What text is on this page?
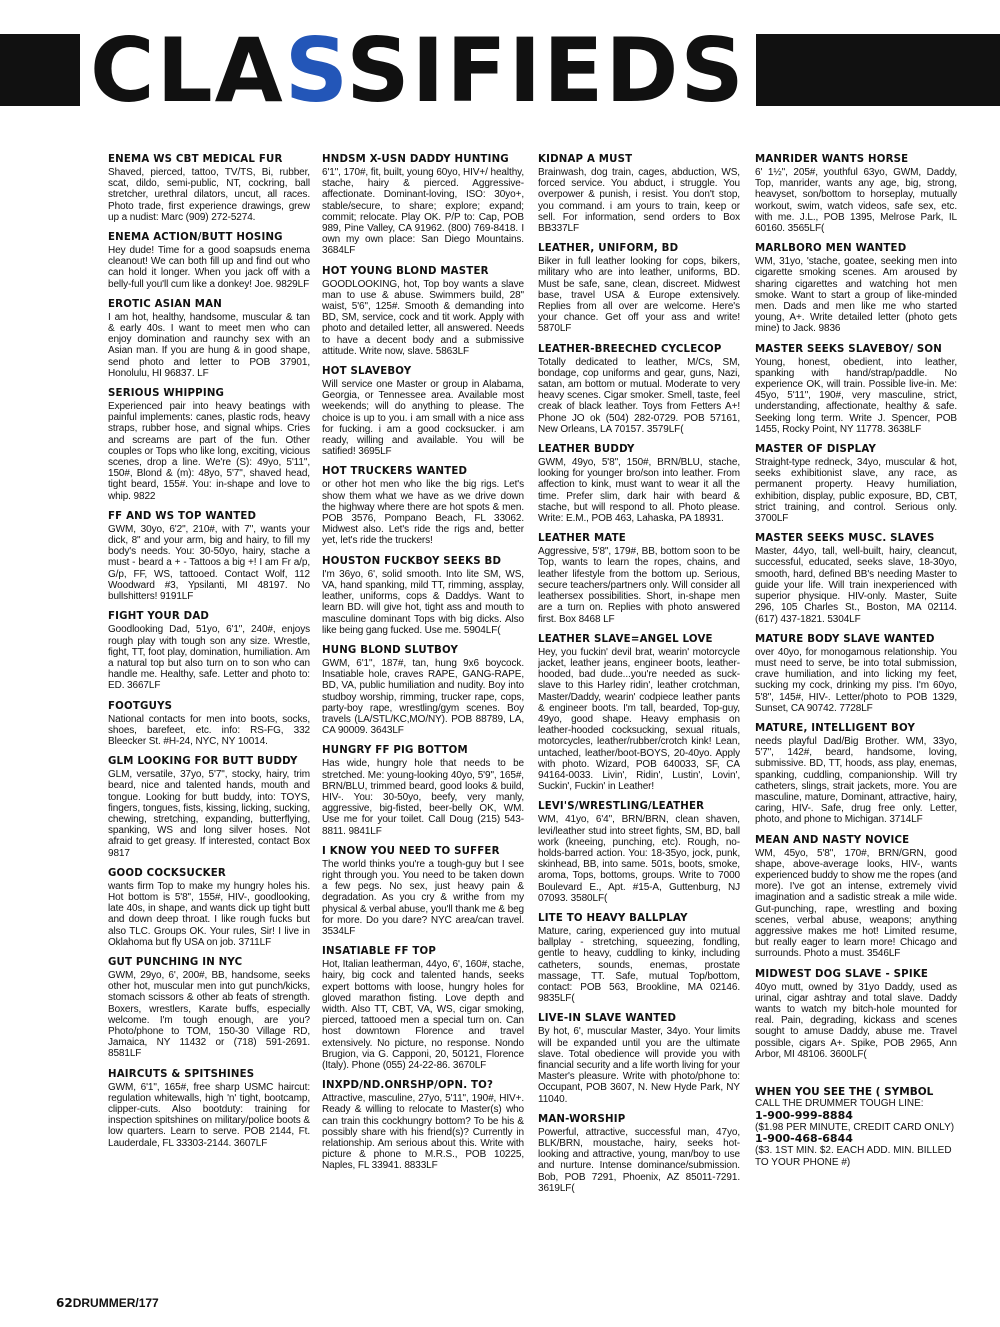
CLASSIFIEDS
ENEMA WS CBT MEDICAL FUR

Shaved, pierced, tattoo, TV/TS, Bi, rubber, scat, dildo, semi-public, NT, cockring, ball stretcher, urethral dilators, uncut, all races. Photo trade, first experience drawings, grew up a nudist: Marc (909) 272-5274.

ENEMA ACTION/BUTT HOSING

Hey dude! Time for a good soapsuds enema cleanout! We can both fill up and find out who can hold it longer. When you jack off with a belly-full you'll cum like a donkey! Joe. 9829LF

EROTIC ASIAN MAN

I am hot, healthy, handsome, muscular & tan & early 40s. I want to meet men who can enjoy domination and raunchy sex with an Asian man. If you are hung & in good shape, send photo and letter to POB 37901, Honolulu, HI 96837. LF

SERIOUS WHIPPING

Experienced pair into heavy beatings with painful implements: canes, plastic rods, heavy straps, rubber hose, and signal whips. Cries and screams are part of the fun. Other couples or Tops who like long, exciting, vicious scenes, drop a line. We're (S): 49yo, 5'11", 150#, Blond & (m): 48yo, 5'7", shaved head, tight beard, 155#. You: in-shape and love to whip. 9822

FF AND WS TOP WANTED

GWM, 30yo, 6'2", 210#, with 7", wants your dick, 8" and your arm, big and hairy, to fill my body's needs. You: 30-50yo, hairy, stache a must - beard a + - Tattoos a big +! I am Fr a/p, G/p, FF, WS, tattooed. Contact Wolf, 112 Woodward #3, Ypsilanti, MI 48197. No bullshitters! 9191LF

FIGHT YOUR DAD

Goodlooking Dad, 51yo, 6'1", 240#, enjoys rough play with tough son any size. Wrestle, fight, TT, foot play, domination, humiliation. Am a natural top but also turn on to son who can handle me. Healthy, safe. Letter and photo to: ED. 3667LF

FOOTGUYS

National contacts for men into boots, socks, shoes, barefeet, etc. info: RS-FG, 332 Bleecker St. #H-24, NYC, NY 10014.

GLM LOOKING FOR BUTT BUDDY

GLM, versatile, 37yo, 5'7", stocky, hairy, trim beard, nice and talented hands, mouth and tongue. Looking for butt buddy, into: TOYS, fingers, tongues, fists, kissing, licking, sucking, chewing, stretching, expanding, butterflying, spanking, WS and long silver hoses. Not afraid to get greasy. If interested, contact Box 9817

GOOD COCKSUCKER

wants firm Top to make my hungry holes his. Hot bottom is 5'8", 155#, HIV-, goodlooking, late 40s, in shape, and wants dick up tight butt and down deep throat. I like rough fucks but also TLC. Groups OK. Your rules, Sir! I live in Oklahoma but fly USA on job. 3711LF

GUT PUNCHING IN NYC

GWM, 29yo, 6', 200#, BB, handsome, seeks other hot, muscular men into gut punch/kicks, stomach scissors & other ab feats of strength. Boxers, wrestlers, Karate buffs, especially welcome. I'm tough enough, are you? Photo/phone to TOM, 150-30 Village RD, Jamaica, NY 11432 or (718) 591-2691. 8581LF

HAIRCUTS & SPITSHINES

GWM, 6'1", 165#, free sharp USMC haircut: regulation whitewalls, high 'n' tight, bootcamp, clipper-cuts. Also bootduty: training for inspection spitshines on military/police boots & low quarters. Learn to serve. POB 2144, Ft. Lauderdale, FL 33303-2144. 3607LF

HNDSM X-USN DADDY HUNTING

6'1", 170#, fit, built, young 60yo, HIV+/ healthy, stache, hairy & pierced. Aggressive-affectionate. Dominant-loving, ISO: 30yo+, stable/secure, to share; explore; expand; commit; relocate. Play OK. P/P to: Cap, POB 989, Pine Valley, CA 91962. (800) 769-8418. I own my own place: San Diego Mountains. 3684LF

HOT YOUNG BLOND MASTER

GOODLOOKING, hot, Top boy wants a slave man to use & abuse. Swimmers build, 28" waist, 5'6", 125#. Smooth & demanding into BD, SM, service, cock and tit work. Apply with photo and detailed letter, all answered. Needs to have a decent body and a submissive attitude. Write now, slave. 5863LF

HOT SLAVEBOY

Will service one Master or group in Alabama, Georgia, or Tennessee area. Available most weekends; will do anything to please. The choice is up to you. i am small with a nice ass for fucking. i am a good cocksucker. i am ready, willing and available. You will be satified! 3695LF

HOT TRUCKERS WANTED

or other hot men who like the big rigs. Let's show them what we have as we drive down the highway where there are hot spots & men. POB 3576, Pompano Beach, FL 33062. Midwest also. Let's ride the rigs and, better yet, let's ride the truckers!

HOUSTON FUCKBOY SEEKS BD

I'm 36yo, 6', solid smooth. Into lite SM, WS, VA, hand spanking, mild TT, rimming, assplay, leather, uniforms, cops & Daddys. Want to learn BD. will give hot, tight ass and mouth to masculine dominant Tops with big dicks. Also like being gang fucked. Use me. 5904LF(

HUNG BLOND SLUTBOY

GWM, 6'1", 187#, tan, hung 9x6 boycock. Insatiable hole, craves RAPE, GANG-RAPE, BD, VA, public humiliation and nudity. Boy into studboy worship, rimming, trucker rape, cops, party-boy rape, wrestling/gym scenes. Boy travels (LA/STL/KC,MO/NY). POB 88789, LA, CA 90009. 3643LF

HUNGRY FF PIG BOTTOM

Has wide, hungry hole that needs to be stretched. Me: young-looking 40yo, 5'9", 165#, BRN/BLU, trimmed beard, good looks & build, HIV-. You: 30-50yo, beefy, very manly, aggressive, big-fisted, beer-belly OK, WM. Use me for your toilet. Call Doug (215) 543-8811. 9841LF

I KNOW YOU NEED TO SUFFER

The world thinks you're a tough-guy but I see right through you. You need to be taken down a few pegs. No sex, just heavy pain & degradation. As you cry & writhe from my physical & verbal abuse, you'll thank me & beg for more. Do you dare? NYC area/can travel. 3534LF

INSATIABLE FF TOP

Hot, Italian leatherman, 44yo, 6', 160#, stache, hairy, big cock and talented hands, seeks expert bottoms with loose, hungry holes for gloved marathon fisting. Love depth and width. Also TT, CBT, VA, WS, cigar smoking, pierced, tattooed men a special turn on. Can host downtown Florence and travel extensively. No picture, no response. Nondo Brugion, via G. Capponi, 20, 50121, Florence (Italy). Phone (055) 24-22-86. 3670LF

INXPD/ND.ONRSHP/OPN. TO?

Attractive, masculine, 27yo, 5'11", 190#, HIV+. Ready & willing to relocate to Master(s) who can train this cockhungry bottom? To be his & possibly share with his friend(s)? Currently in relationship. Am serious about this. Write with picture & phone to M.R.S., POB 10225, Naples, FL 33941. 8833LF

KIDNAP A MUST

Brainwash, dog train, cages, abduction, WS, forced service. You abduct, i struggle. You overpower & punish, i resist. You don't stop, you command. i am yours to train, keep or sell. For information, send orders to Box BB337LF

LEATHER, UNIFORM, BD

Biker in full leather looking for cops, bikers, military who are into leather, uniforms, BD. Must be safe, sane, clean, discreet. Midwest base, travel USA & Europe extensively. Replies from all over are welcome. Here's your chance. Get off your ass and write! 5870LF

LEATHER-BREECHED CYCLECOP

Totally dedicated to leather, M/Cs, SM, bondage, cop uniforms and gear, guns, Nazi, satan, am bottom or mutual. Moderate to very heavy scenes. Cigar smoker. Smell, taste, feel creak of black leather. Toys from Fetters A+! Phone JO ok (504) 282-0729. POB 57161, New Orleans, LA 70157. 3579LF(

LEATHER BUDDY

GWM, 49yo, 5'8", 150#, BRN/BLU, stache, looking for younger bro/son into leather. From affection to kink, must want to wear it all the time. Prefer slim, dark hair with beard & stache, but will respond to all. Photo please. Write: E.M., POB 463, Lahaska, PA 18931.

LEATHER MATE

Aggressive, 5'8", 179#, BB, bottom soon to be Top, wants to learn the ropes, chains, and leather lifestyle from the bottom up. Serious, secure teachers/partners only. Will consider all leathersex possibilities. Short, in-shape men are a turn on. Replies with photo answered first. Box 8468 LF

LEATHER SLAVE=ANGEL LOVE

Hey, you fuckin' devil brat, wearin' motorcycle jacket, leather jeans, engineer boots, leather-hooded, bad dude...you're needed as suck-slave to this Harley ridin', leather crotchman, Master/Daddy, wearin' codpiece leather pants & engineer boots. I'm tall, bearded, Top-guy, 49yo, good shape. Heavy emphasis on leather-hooded cocksucking, sexual rituals, motorcycles, leather/rubber/crotch kink! Lean, untached, leather/boot-BOYS, 20-40yo. Apply with photo. Wizard, POB 640033, SF, CA 94164-0033. Livin', Ridin', Lustin', Lovin', Suckin', Fuckin' in Leather!

LEVI'S/WRESTLING/LEATHER

WM, 41yo, 6'4", BRN/BRN, clean shaven, levi/leather stud into street fights, SM, BD, ball work (kneeing, punching, etc). Rough, no-holds-barred action. You: 18-35yo, jock, punk, skinhead, BB, into same. 501s, boots, smoke, aroma, Tops, bottoms, groups. Write to 7000 Boulevard E., Apt. #15-A, Guttenburg, NJ 07093. 3580LF(

LITE TO HEAVY BALLPLAY

Mature, caring, experienced guy into mutual ballplay - stretching, squeezing, fondling, gentle to heavy, cuddling to kinky, including catheters, sounds, enemas, prostate massage, TT. Safe, mutual Top/bottom, contact: POB 563, Brookline, MA 02146. 9835LF(

LIVE-IN SLAVE WANTED

By hot, 6', muscular Master, 34yo. Your limits will be expanded until you are the ultimate slave. Total obedience will provide you with financial security and a life worth living for your Master's pleasure. Write with photo/phone to: Occupant, POB 3607, N. New Hyde Park, NY 11040.

MAN-WORSHIP

Powerful, attractive, successful man, 47yo, BLK/BRN, moustache, hairy, seeks hot-looking and attractive, young, man/boy to use and nurture. Intense dominance/submission. Bob, POB 7291, Phoenix, AZ 85011-7291. 3619LF(

MANRIDER WANTS HORSE

6' 1½", 205#, youthful 63yo, GWM, Daddy, Top, manrider, wants any age, big, strong, heavyset, son/bottom to horseplay, mutually workout, swim, watch videos, safe sex, etc. with me. J.L., POB 1395, Melrose Park, IL 60160. 3565LF(

MARLBORO MEN WANTED

WM, 31yo, 'stache, goatee, seeking men into cigarette smoking scenes. Am aroused by sharing cigarettes and watching hot men smoke. Want to start a group of like-minded men. Dads and men like me who started young, A+. Write detailed letter (photo gets mine) to Jack. 9836

MASTER SEEKS SLAVEBOY/ SON

Young, honest, obedient, into leather, spanking with hand/strap/paddle. No experience OK, will train. Possible live-in. Me: 45yo, 5'11", 190#, very masculine, strict, understanding, affectionate, healthy & safe. Seeking long term. Write J. Spencer, POB 1455, Rocky Point, NY 11778. 3638LF

MASTER OF DISPLAY

Straight-type redneck, 34yo, muscular & hot, seeks exhibitionist slave, any race, as permanent property. Heavy humiliation, exhibition, display, public exposure, BD, CBT, strict training, and control. Serious only. 3700LF

MASTER SEEKS MUSC. SLAVES

Master, 44yo, tall, well-built, hairy, cleancut, successful, educated, seeks slave, 18-30yo, smooth, hard, defined BB's needing Master to guide your life. Will train inexperienced with superior physique. HIV-only. Master, Suite 296, 105 Charles St., Boston, MA 02114. (617) 437-1821. 5304LF

MATURE BODY SLAVE WANTED

over 40yo, for monogamous relationship. You must need to serve, be into total submission, crave humiliation, and into licking my feet, sucking my cock, drinking my piss. I'm 60yo, 5'8", 145#, HIV-. Letter/photo to POB 1329, Sunset, CA 90742. 7728LF

MATURE, INTELLIGENT BOY

needs playful Dad/Big Brother. WM, 33yo, 5'7", 142#, beard, handsome, loving, submissive. BD, TT, hoods, ass play, enemas, spanking, cuddling, companionship. Will try catheters, slings, strait jackets, more. You are masculine, mature, Dominant, attractive, hairy, caring, HIV-. Safe, drug free only. Letter, photo, and phone to Michigan. 3714LF

MEAN AND NASTY NOVICE

WM, 45yo, 5'8", 170#, BRN/GRN, good shape, above-average looks, HIV-, wants experienced buddy to show me the ropes (and more). I've got an intense, extremely vivid imagination and a sadistic streak a mile wide. Gut-punching, rape, wrestling and boxing scenes, verbal abuse, weapons; anything aggressive makes me hot! Limited resume, but really eager to learn more! Chicago and surrounds. Photo a must. 3546LF

MIDWEST DOG SLAVE - SPIKE

40yo mutt, owned by 31yo Daddy, used as urinal, cigar ashtray and total slave. Daddy wants to watch my bitch-hole mounted for real. Pain, degrading, kickass and scenes sought to amuse Daddy, abuse me. Travel possible, cigars A+. Spike, POB 2965, Ann Arbor, MI 48106. 3600LF(

WHEN YOU SEE THE ( SYMBOL

CALL THE DRUMMER TOUGH LINE:

1-900-999-8884

($1.98 PER MINUTE, CREDIT CARD ONLY)

1-900-468-6844

($3. 1ST MIN. $2. EACH ADD. MIN. BILLED TO YOUR PHONE #)

62DRUMMER/177
